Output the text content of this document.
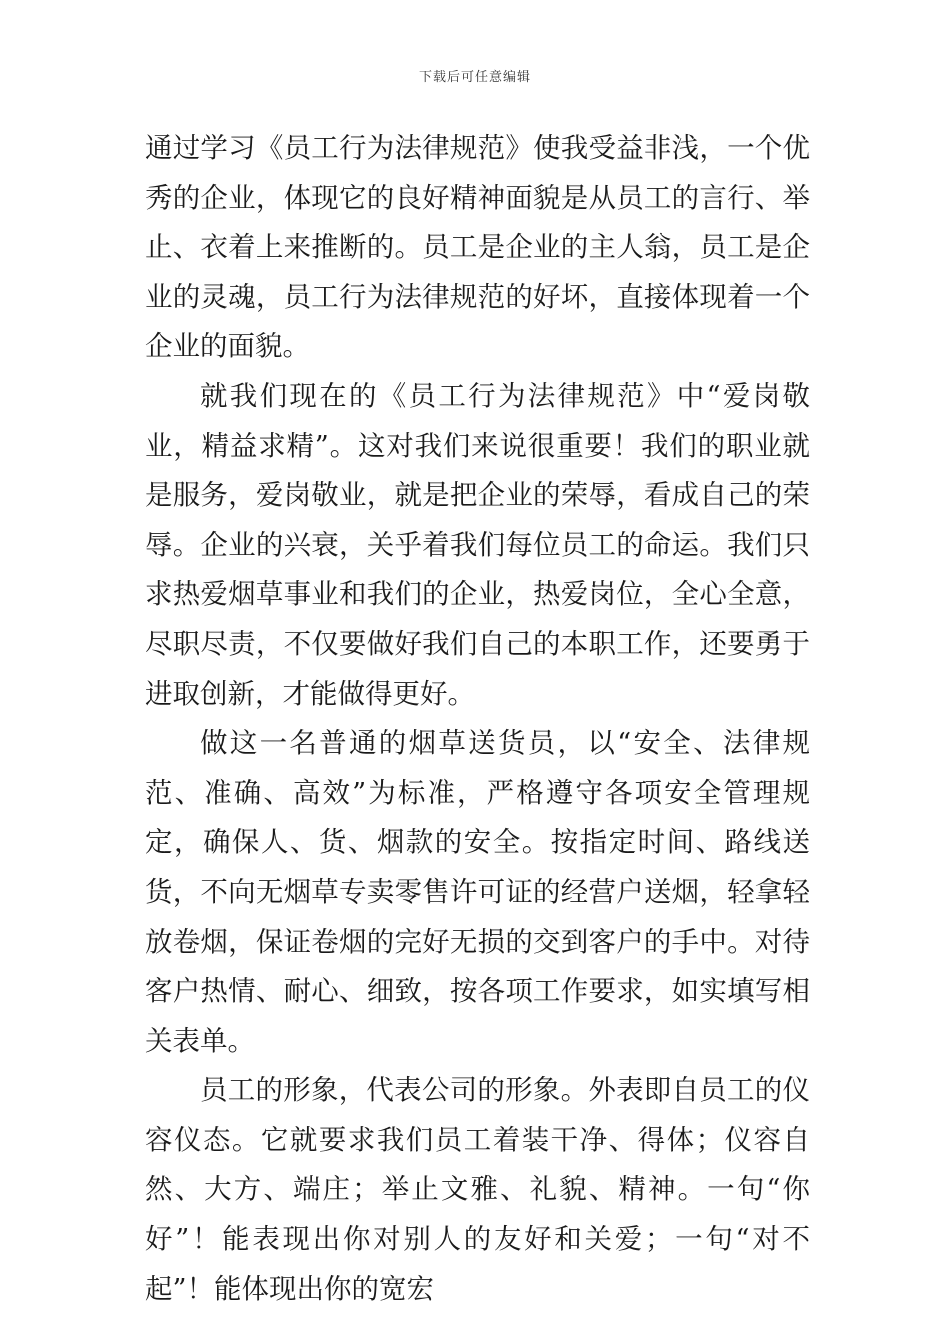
下载后可任意编辑

通过学习《员工行为法律规范》使我受益非浅，一个优秀的企业，体现它的良好精神面貌是从员工的言行、举止、衣着上来推断的。员工是企业的主人翁，员工是企业的灵魂，员工行为法律规范的好坏，直接体现着一个企业的面貌。

就我们现在的《员工行为法律规范》中“爱岗敬业，精益求精”。这对我们来说很重要！我们的职业就是服务，爱岗敬业，就是把企业的荣辱，看成自己的荣辱。企业的兴衰，关乎着我们每位员工的命运。我们只求热爱烟草事业和我们的企业，热爱岗位，全心全意，尽职尽责，不仅要做好我们自己的本职工作，还要勇于进取创新，才能做得更好。

做这一名普通的烟草送货员，以“安全、法律规范、准确、高效”为标准，严格遵守各项安全管理规定，确保人、货、烟款的安全。按指定时间、路线送货，不向无烟草专卖零售许可证的经营户送烟，轻拿轻放卷烟，保证卷烟的完好无损的交到客户的手中。对待客户热情、耐心、细致，按各项工作要求，如实填写相关表单。

员工的形象，代表公司的形象。外表即自员工的仪容仪态。它就要求我们员工着装干净、得体；仪容自然、大方、端庄；举止文雅、礼貌、精神。一句“你好”！能表现出你对别人的友好和关爱；一句“对不起”！能体现出你的宽宏
